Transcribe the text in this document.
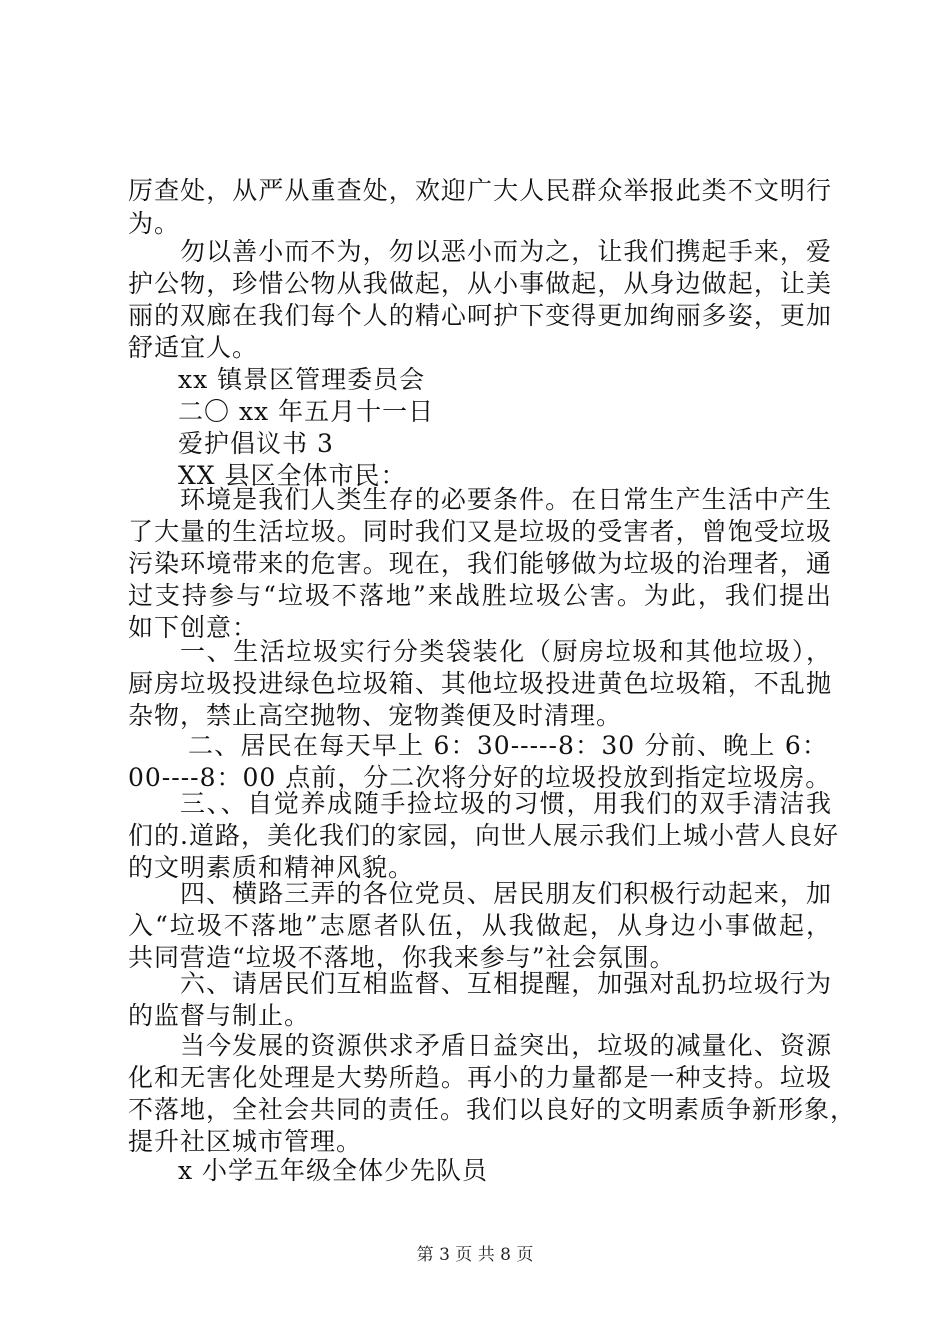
厉查处，从严从重查处，欢迎广大人民群众举报此类不文明行
为。
勿以善小而不为，勿以恶小而为之，让我们携起手来，爱
护公物，珍惜公物从我做起，从小事做起，从身边做起，让美
丽的双廊在我们每个人的精心呵护下变得更加绚丽多姿，更加
舒适宜人。
xx 镇景区管理委员会
二〇 xx 年五月十一日
爱护倡议书 3
XX 县区全体市民：
环境是我们人类生存的必要条件。在日常生产生活中产生
了大量的生活垃圾。同时我们又是垃圾的受害者，曾饱受垃圾
污染环境带来的危害。现在，我们能够做为垃圾的治理者，通
过支持参与“垃圾不落地”来战胜垃圾公害。为此，我们提出
如下创意：
一、生活垃圾实行分类袋装化（厨房垃圾和其他垃圾），
厨房垃圾投进绿色垃圾箱、其他垃圾投进黄色垃圾箱，不乱抛
杂物，禁止高空抛物、宠物粪便及时清理。
二、居民在每天早上 6：30-----8：30 分前、晚上 6：
00----8：00 点前，分二次将分好的垃圾投放到指定垃圾房。
三、、自觉养成随手捡垃圾的习惯，用我们的双手清洁我
们的.道路，美化我们的家园，向世人展示我们上城小营人良好
的文明素质和精神风貌。
四、横路三弄的各位党员、居民朋友们积极行动起来，加
入“垃圾不落地”志愿者队伍，从我做起，从身边小事做起，
共同营造“垃圾不落地，你我来参与”社会氛围。
六、请居民们互相监督、互相提醒，加强对乱扔垃圾行为
的监督与制止。
当今发展的资源供求矛盾日益突出，垃圾的减量化、资源
化和无害化处理是大势所趋。再小的力量都是一种支持。垃圾
不落地，全社会共同的责任。我们以良好的文明素质争新形象，
提升社区城市管理。
x 小学五年级全体少先队员
第 3 页 共 8 页
